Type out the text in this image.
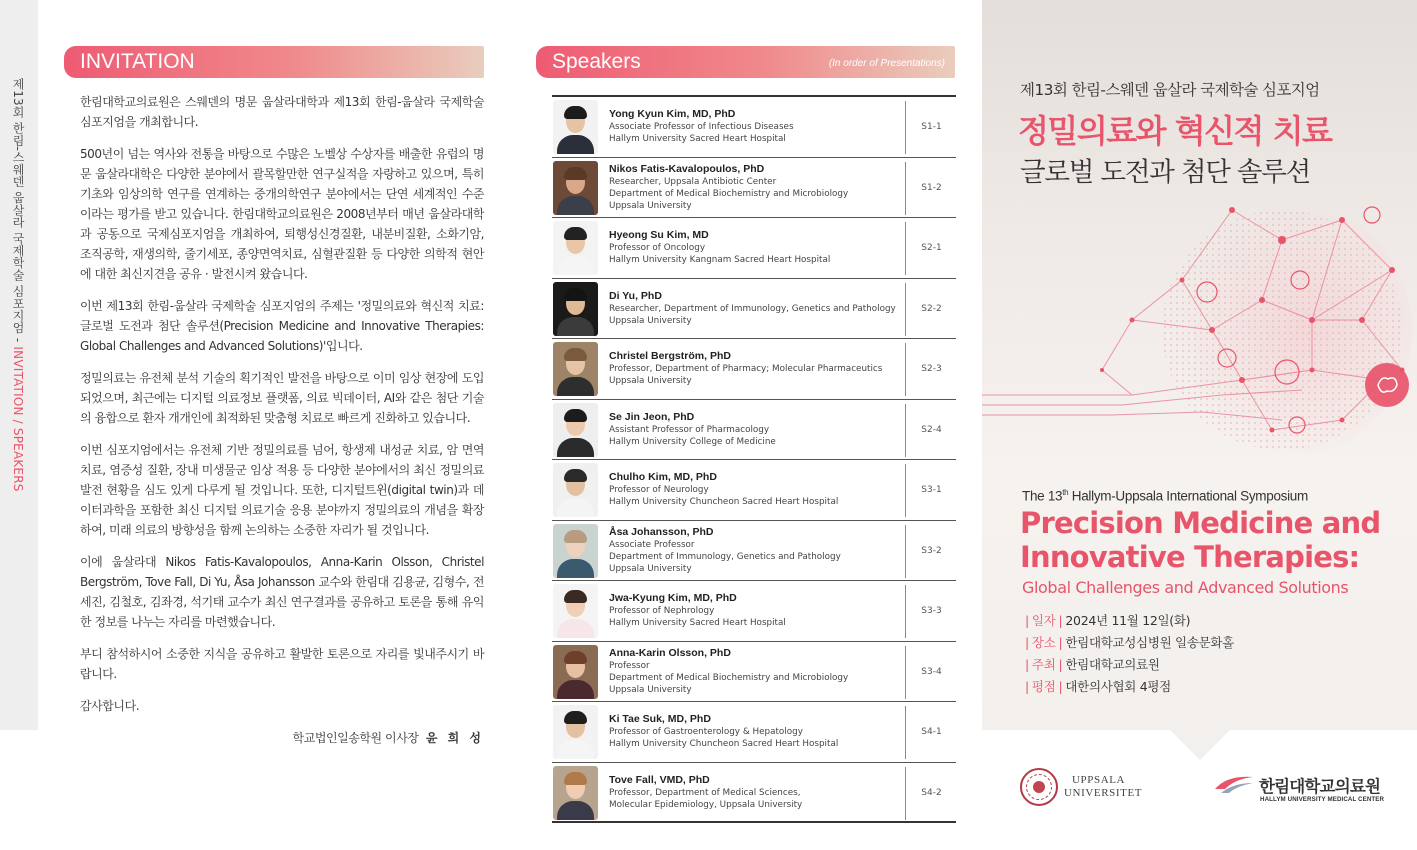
제13회 한림-스웨덴 웁살라 국제학술 심포지엄 - INVITATION / SPEAKERS
INVITATION

한림대학교의료원은 스웨덴의 명문 웁살라대학과 제13회 한림-웁살라 국제학술 심포지엄을 개최합니다.

500년이 넘는 역사와 전통을 바탕으로 수많은 노벨상 수상자를 배출한 유럽의 명문 웁살라대학은 다양한 분야에서 괄목할만한 연구실적을 자랑하고 있으며, 특히 기초와 임상의학 연구를 연계하는 중개의학연구 분야에서는 단연 세계적인 수준이라는 평가를 받고 있습니다. 한림대학교의료원은 2008년부터 매년 웁살라대학과 공동으로 국제심포지엄을 개최하여, 퇴행성신경질환, 내분비질환, 소화기암, 조직공학, 재생의학, 줄기세포, 종양면역치료, 심혈관질환 등 다양한 의학적 현안에 대한 최신지견을 공유 · 발전시켜 왔습니다.

이번 제13회 한림-웁살라 국제학술 심포지엄의 주제는 '정밀의료와 혁신적 치료: 글로벌 도전과 첨단 솔루션(Precision Medicine and Innovative Therapies: Global Challenges and Advanced Solutions)'입니다.

정밀의료는 유전체 분석 기술의 획기적인 발전을 바탕으로 이미 임상 현장에 도입 되었으며, 최근에는 디지털 의료정보 플랫폼, 의료 빅데이터, AI와 같은 첨단 기술의 융합으로 환자 개개인에 최적화된 맞춤형 치료로 빠르게 진화하고 있습니다.

이번 심포지엄에서는 유전체 기반 정밀의료를 넘어, 항생제 내성균 치료, 암 면역치료, 염증성 질환, 장내 미생물군 임상 적용 등 다양한 분야에서의 최신 정밀의료 발전 현황을 심도 있게 다루게 될 것입니다. 또한, 디지털트윈(digital twin)과 데이터과학을 포함한 최신 디지털 의료기술 응용 분야까지 정밀의료의 개념을 확장하여, 미래 의료의 방향성을 함께 논의하는 소중한 자리가 될 것입니다.

이에 웁살라대 Nikos Fatis-Kavalopoulos, Anna-Karin Olsson, Christel Bergström, Tove Fall, Di Yu, Åsa Johansson 교수와 한림대 김용균, 김형수, 전세진, 김철호, 김좌경, 석기태 교수가 최신 연구결과를 공유하고 토론을 통해 유익한 정보를 나누는 자리를 마련했습니다.

부디 참석하시어 소중한 지식을 공유하고 활발한 토론으로 자리를 빛내주시기 바랍니다.

감사합니다.

학교법인일송학원 이사장 윤 희 성
Speakers	(In order of Presentations)
Yong Kyun Kim, MD, PhD
Associate Professor of Infectious Diseases
Hallym University Sacred Heart Hospital
S1-1
Nikos Fatis-Kavalopoulos, PhD
Researcher, Uppsala Antibiotic Center
Department of Medical Biochemistry and Microbiology
Uppsala University
S1-2
Hyeong Su Kim, MD
Professor of Oncology
Hallym University Kangnam Sacred Heart Hospital
S2-1
Di Yu, PhD
Researcher, Department of Immunology, Genetics and Pathology
Uppsala University
S2-2
Christel Bergström, PhD
Professor, Department of Pharmacy; Molecular Pharmaceutics
Uppsala University
S2-3
Se Jin Jeon, PhD
Assistant Professor of Pharmacology
Hallym University College of Medicine
S2-4
Chulho Kim, MD, PhD
Professor of Neurology
Hallym University Chuncheon Sacred Heart Hospital
S3-1
Åsa Johansson, PhD
Associate Professor
Department of Immunology, Genetics and Pathology
Uppsala University
S3-2
Jwa-Kyung Kim, MD, PhD
Professor of Nephrology
Hallym University Sacred Heart Hospital
S3-3
Anna-Karin Olsson, PhD
Professor
Department of Medical Biochemistry and Microbiology
Uppsala University
S3-4
Ki Tae Suk, MD, PhD
Professor of Gastroenterology & Hepatology
Hallym University Chuncheon Sacred Heart Hospital
S4-1
Tove Fall, VMD, PhD
Professor, Department of Medical Sciences,
Molecular Epidemiology, Uppsala University
S4-2
제13회 한림-스웨덴 웁살라 국제학술 심포지엄
정밀의료와 혁신적 치료
글로벌 도전과 첨단 솔루션
The 13th Hallym-Uppsala International Symposium
Precision Medicine and
Innovative Therapies:
Global Challenges and Advanced Solutions
| 일자 | 2024년 11월 12일(화)
| 장소 | 한림대학교성심병원 일송문화홀
| 주최 | 한림대학교의료원
| 평점 | 대한의사협회 4평점
UPPSALA
UNIVERSITET	한림대학교의료원
HALLYM UNIVERSITY MEDICAL CENTER
